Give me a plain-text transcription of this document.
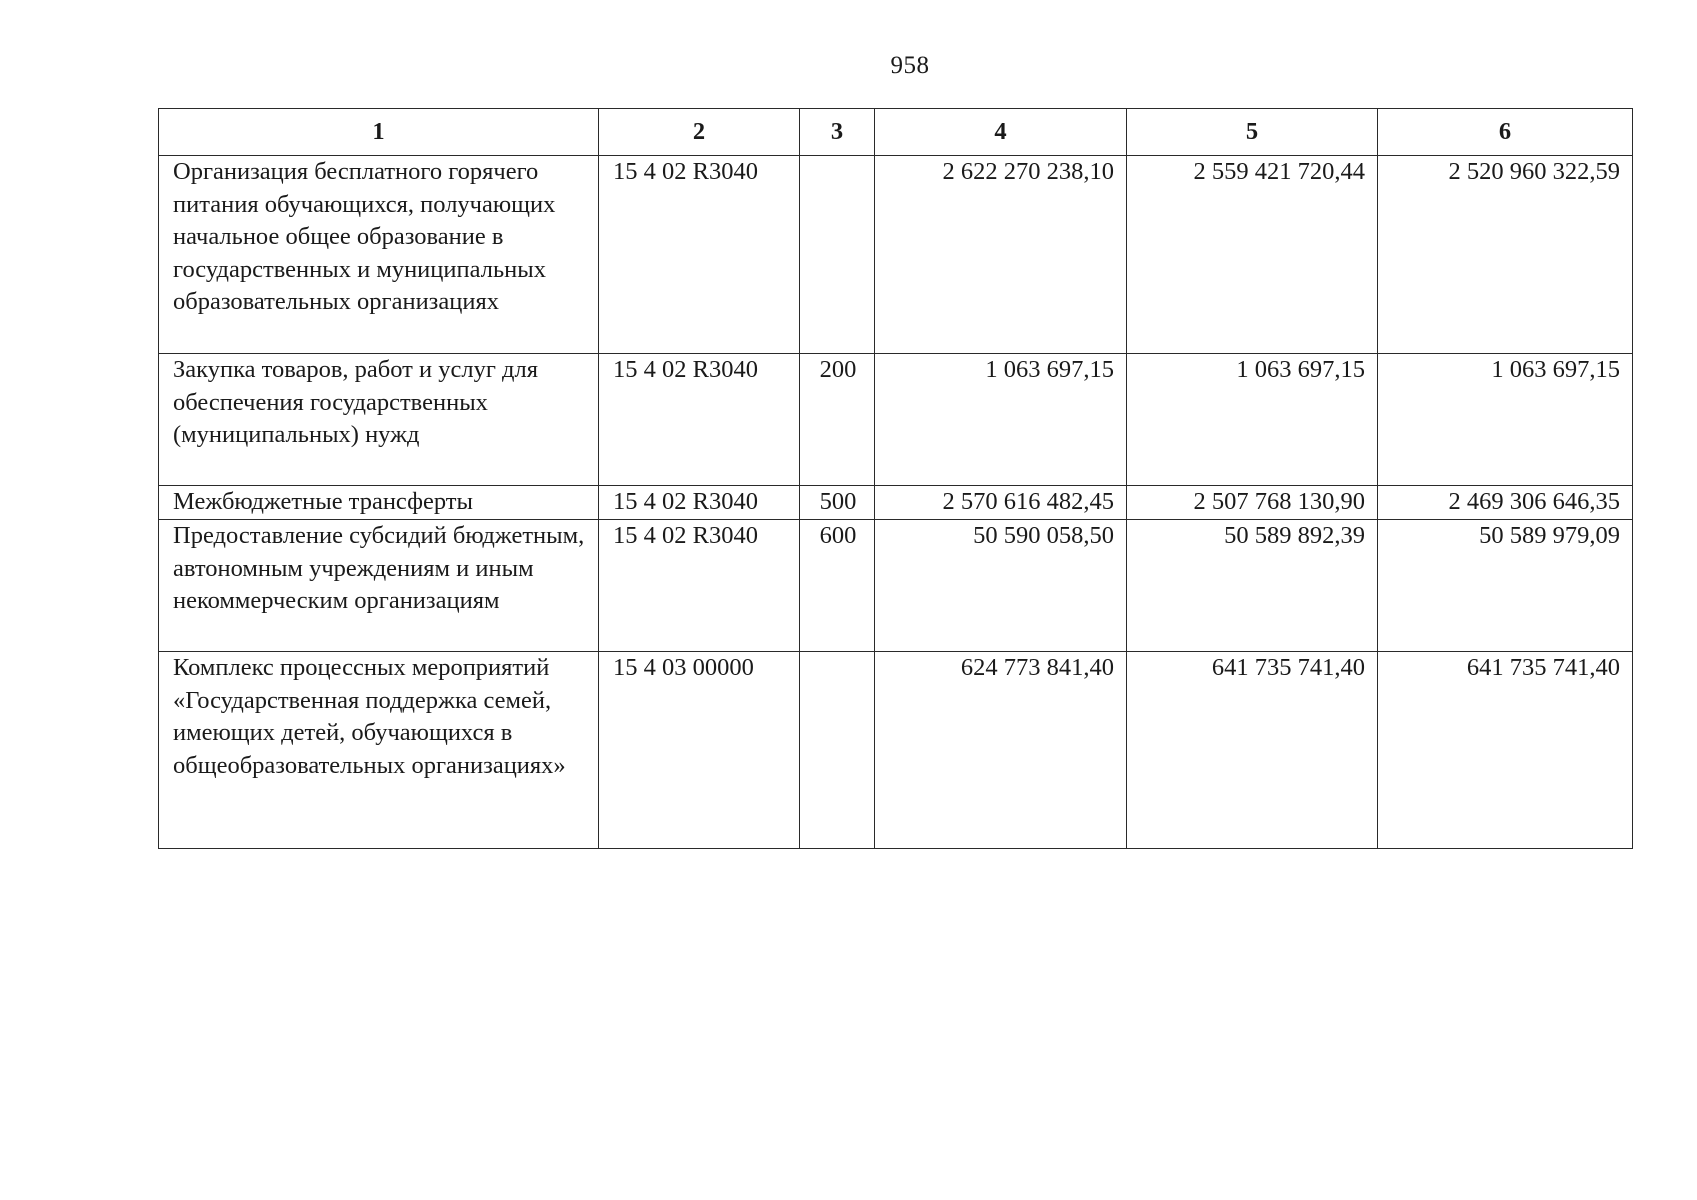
958
1	2	3	4	5	6
Организация бесплатного горячего питания обучающихся, получающих начальное общее образование в государственных и муниципальных образовательных организациях	15 4 02 R3040		2 622 270 238,10	2 559 421 720,44	2 520 960 322,59
Закупка товаров, работ и услуг для обеспечения государственных (муниципальных) нужд	15 4 02 R3040	200	1 063 697,15	1 063 697,15	1 063 697,15
Межбюджетные трансферты	15 4 02 R3040	500	2 570 616 482,45	2 507 768 130,90	2 469 306 646,35
Предоставление субсидий бюджетным, автономным учреждениям и иным некоммерческим организациям	15 4 02 R3040	600	50 590 058,50	50 589 892,39	50 589 979,09
Комплекс процессных мероприятий «Государственная поддержка семей, имеющих детей, обучающихся в общеобразовательных организациях»	15 4 03 00000		624 773 841,40	641 735 741,40	641 735 741,40
